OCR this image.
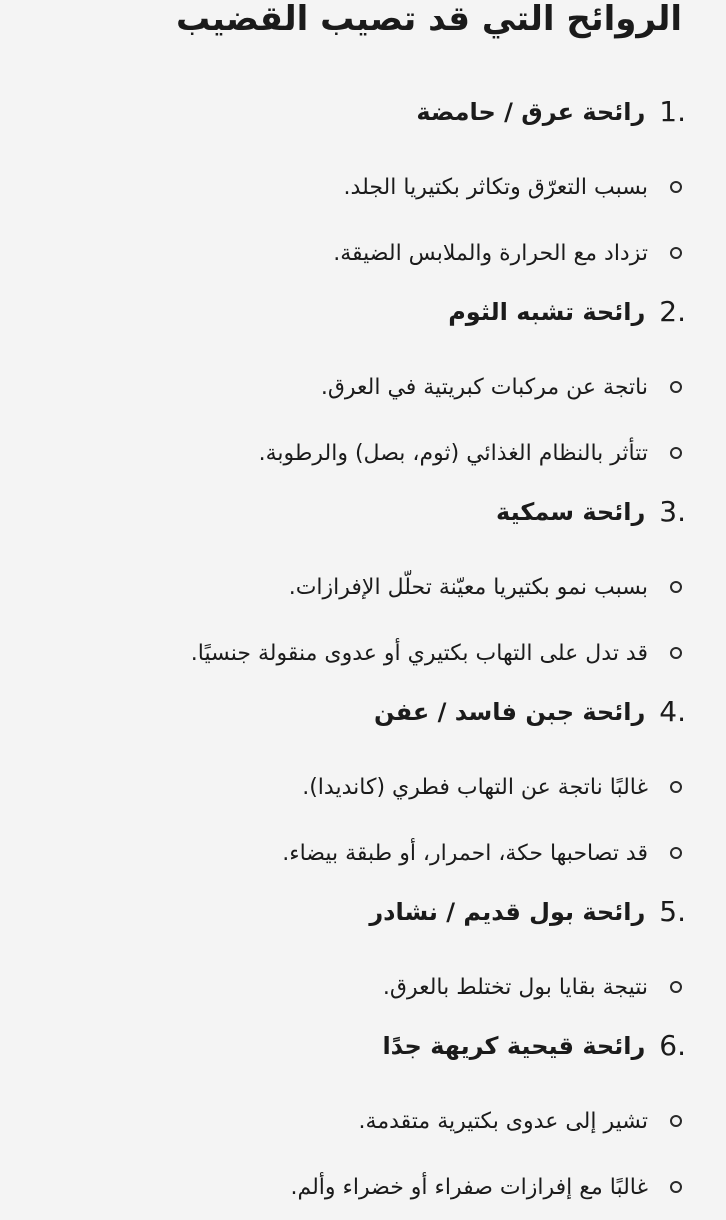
الروائح التي قد تصيب القضيب
1.
رائحة عرق / حامضة
بسبب التعرّق وتكاثر بكتيريا الجلد.
تزداد مع الحرارة والملابس الضيقة.
2.
رائحة تشبه الثوم
ناتجة عن مركبات كبريتية في العرق.
تتأثر بالنظام الغذائي (ثوم، بصل) والرطوبة.
3.
رائحة سمكية
بسبب نمو بكتيريا معيّنة تحلّل الإفرازات.
قد تدل على التهاب بكتيري أو عدوى منقولة جنسيًا.
4.
رائحة جبن فاسد / عفن
غالبًا ناتجة عن التهاب فطري (كانديدا).
قد تصاحبها حكة، احمرار، أو طبقة بيضاء.
5.
رائحة بول قديم / نشادر
نتيجة بقايا بول تختلط بالعرق.
6.
رائحة قيحية كريهة جدًا
تشير إلى عدوى بكتيرية متقدمة.
غالبًا مع إفرازات صفراء أو خضراء وألم.
